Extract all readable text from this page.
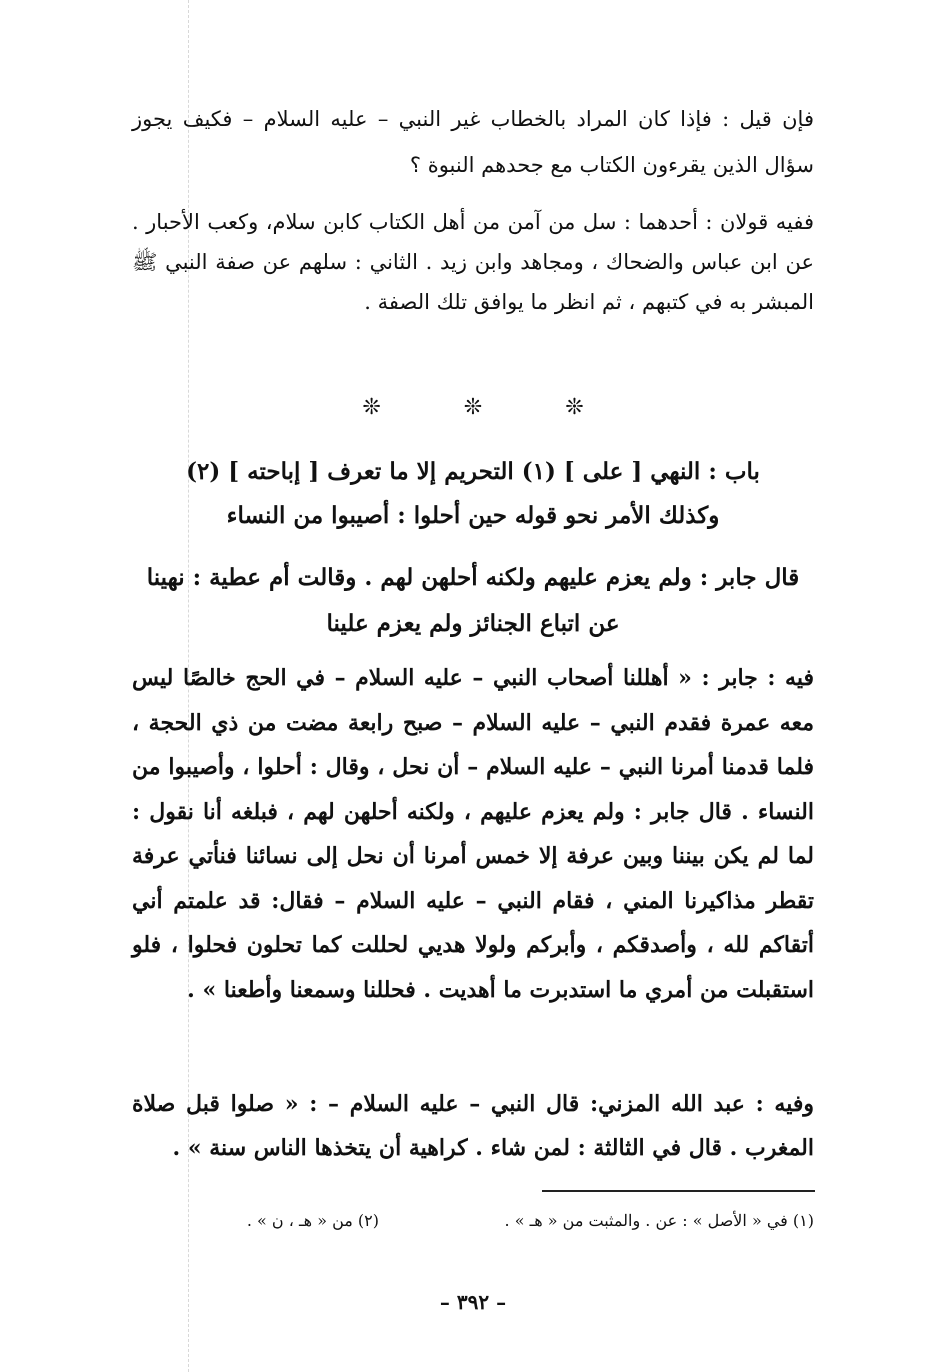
فإن قيل : فإذا كان المراد بالخطاب غير النبي – عليه السلام – فكيف يجوز سؤال الذين يقرءون الكتاب مع جحدهم النبوة ؟

ففيه قولان : أحدهما : سل من آمن من أهل الكتاب كابن سلام، وكعب الأحبار . عن ابن عباس والضحاك ، ومجاهد وابن زيد . الثاني : سلهم عن صفة النبي ﷺ المبشر به في كتبهم ، ثم انظر ما يوافق تلك الصفة .

❊	❊	❊
باب : النهي [ على ] (١) التحريم إلا ما تعرف [ إباحته ] (٢)
وكذلك الأمر نحو قوله حين أحلوا : أصيبوا من النساء

قال جابر : ولم يعزم عليهم ولكنه أحلهن لهم . وقالت أم عطية : نهينا عن اتباع الجنائز ولم يعزم علينا

فيه : جابر : « أهللنا أصحاب النبي – عليه السلام – في الحج خالصًا ليس معه عمرة فقدم النبي – عليه السلام – صبح رابعة مضت من ذي الحجة ، فلما قدمنا أمرنا النبي – عليه السلام – أن نحل ، وقال : أحلوا ، وأصيبوا من النساء . قال جابر : ولم يعزم عليهم ، ولكنه أحلهن لهم ، فبلغه أنا نقول : لما لم يكن بيننا وبين عرفة إلا خمس أمرنا أن نحل إلى نسائنا فنأتي عرفة تقطر مذاكيرنا المني ، فقام النبي – عليه السلام – فقال: قد علمتم أني أتقاكم لله ، وأصدقكم ، وأبركم ولولا هديي لحللت كما تحلون فحلوا ، فلو استقبلت من أمري ما استدبرت ما أهديت . فحللنا وسمعنا وأطعنا » .

وفيه : عبد الله المزني: قال النبي – عليه السلام – : « صلوا قبل صلاة المغرب . قال في الثالثة : لمن شاء . كراهية أن يتخذها الناس سنة » .

(١) في « الأصل » : عن . والمثبت من « هـ » .
(٢) من « هـ ، ن » .
– ٣٩٢ –
